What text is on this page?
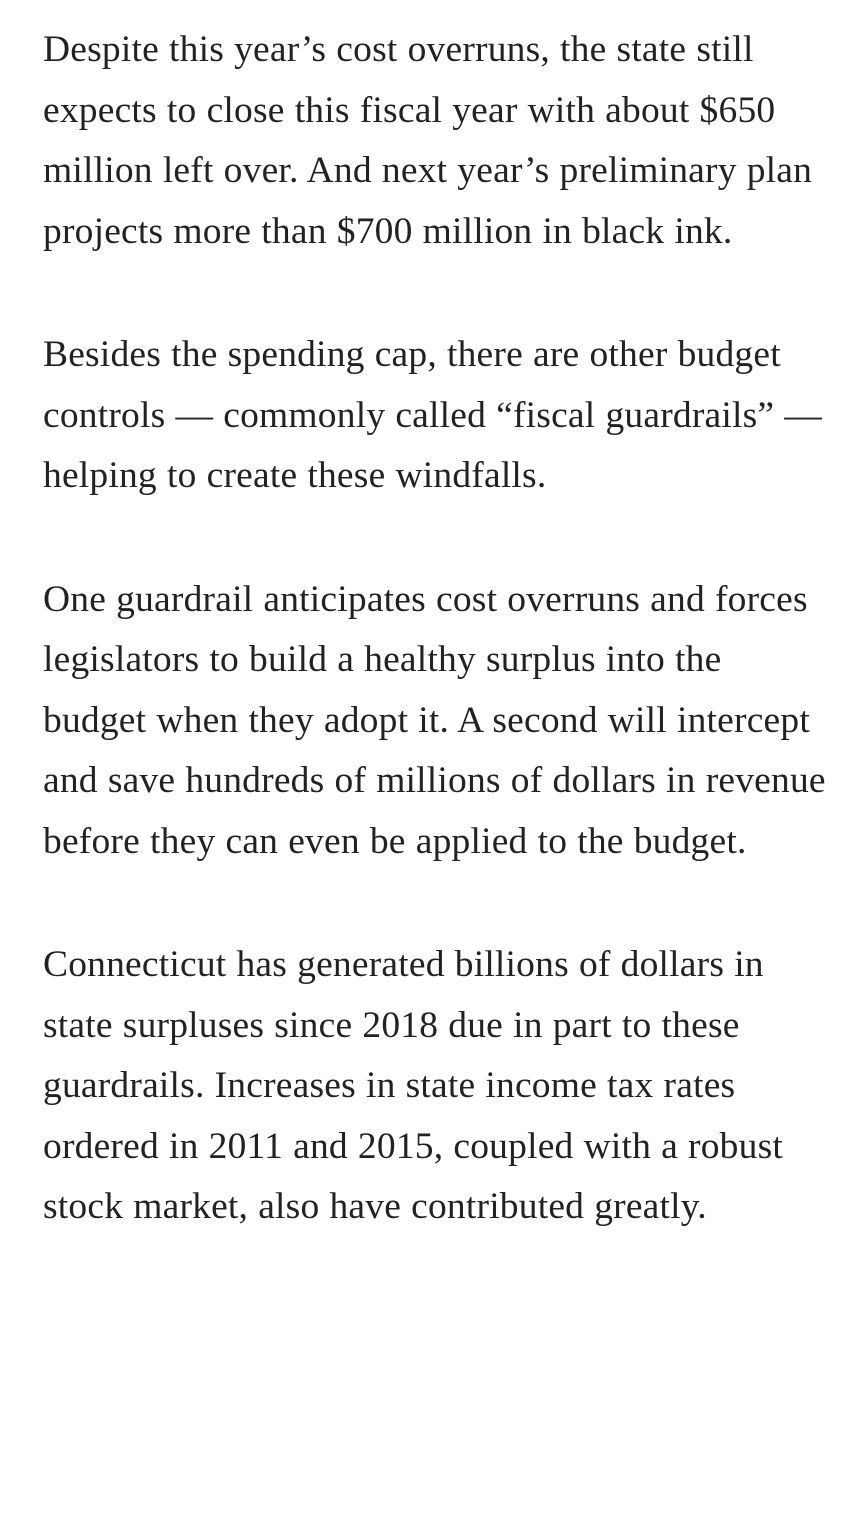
Despite this year’s cost overruns, the state still expects to close this fiscal year with about $650 million left over. And next year’s preliminary plan projects more than $700 million in black ink.

Besides the spending cap, there are other budget controls — commonly called “fiscal guardrails” — helping to create these windfalls.

One guardrail anticipates cost overruns and forces legislators to build a healthy surplus into the budget when they adopt it. A second will intercept and save hundreds of millions of dollars in revenue before they can even be applied to the budget.

Connecticut has generated billions of dollars in state surpluses since 2018 due in part to these guardrails. Increases in state income tax rates ordered in 2011 and 2015, coupled with a robust stock market, also have contributed greatly.
